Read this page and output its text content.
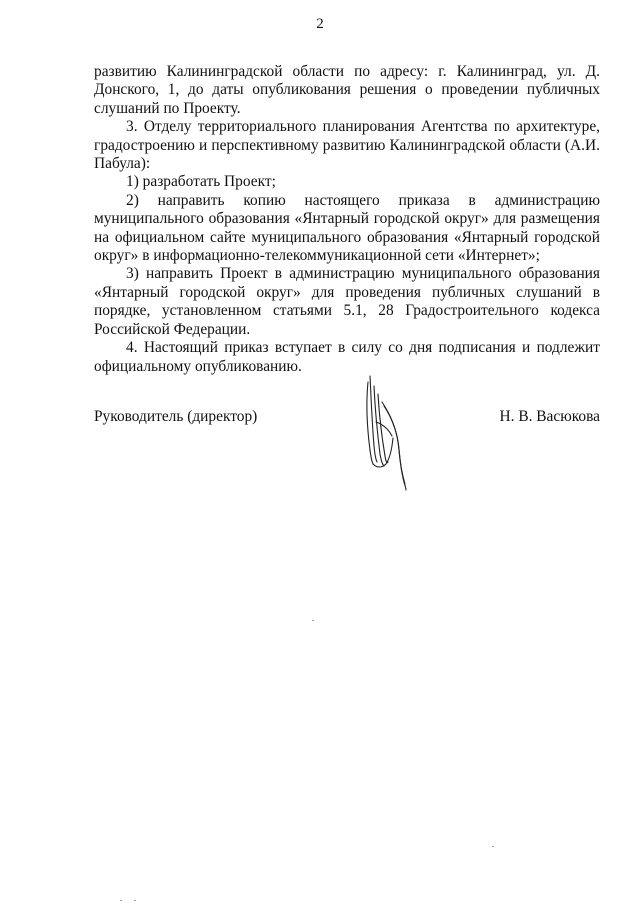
2

развитию Калининградской области по адресу: г. Калининград, ул. Д. Донского, 1, до даты опубликования решения о проведении публичных слушаний по Проекту.

3. Отделу территориального планирования Агентства по архитектуре, градостроению и перспективному развитию Калининградской области (А.И. Пабула):

1) разработать Проект;

2) направить копию настоящего приказа в администрацию муниципального образования «Янтарный городской округ» для размещения на официальном сайте муниципального образования «Янтарный городской округ» в информационно-телекоммуникационной сети «Интернет»;

3) направить Проект в администрацию муниципального образования «Янтарный городской округ» для проведения публичных слушаний в порядке, установленном статьями 5.1, 28 Градостроительного кодекса Российской Федерации.

4. Настоящий приказ вступает в силу со дня подписания и подлежит официальному опубликованию.

Руководитель (директор)	Н. В. Васюкова
